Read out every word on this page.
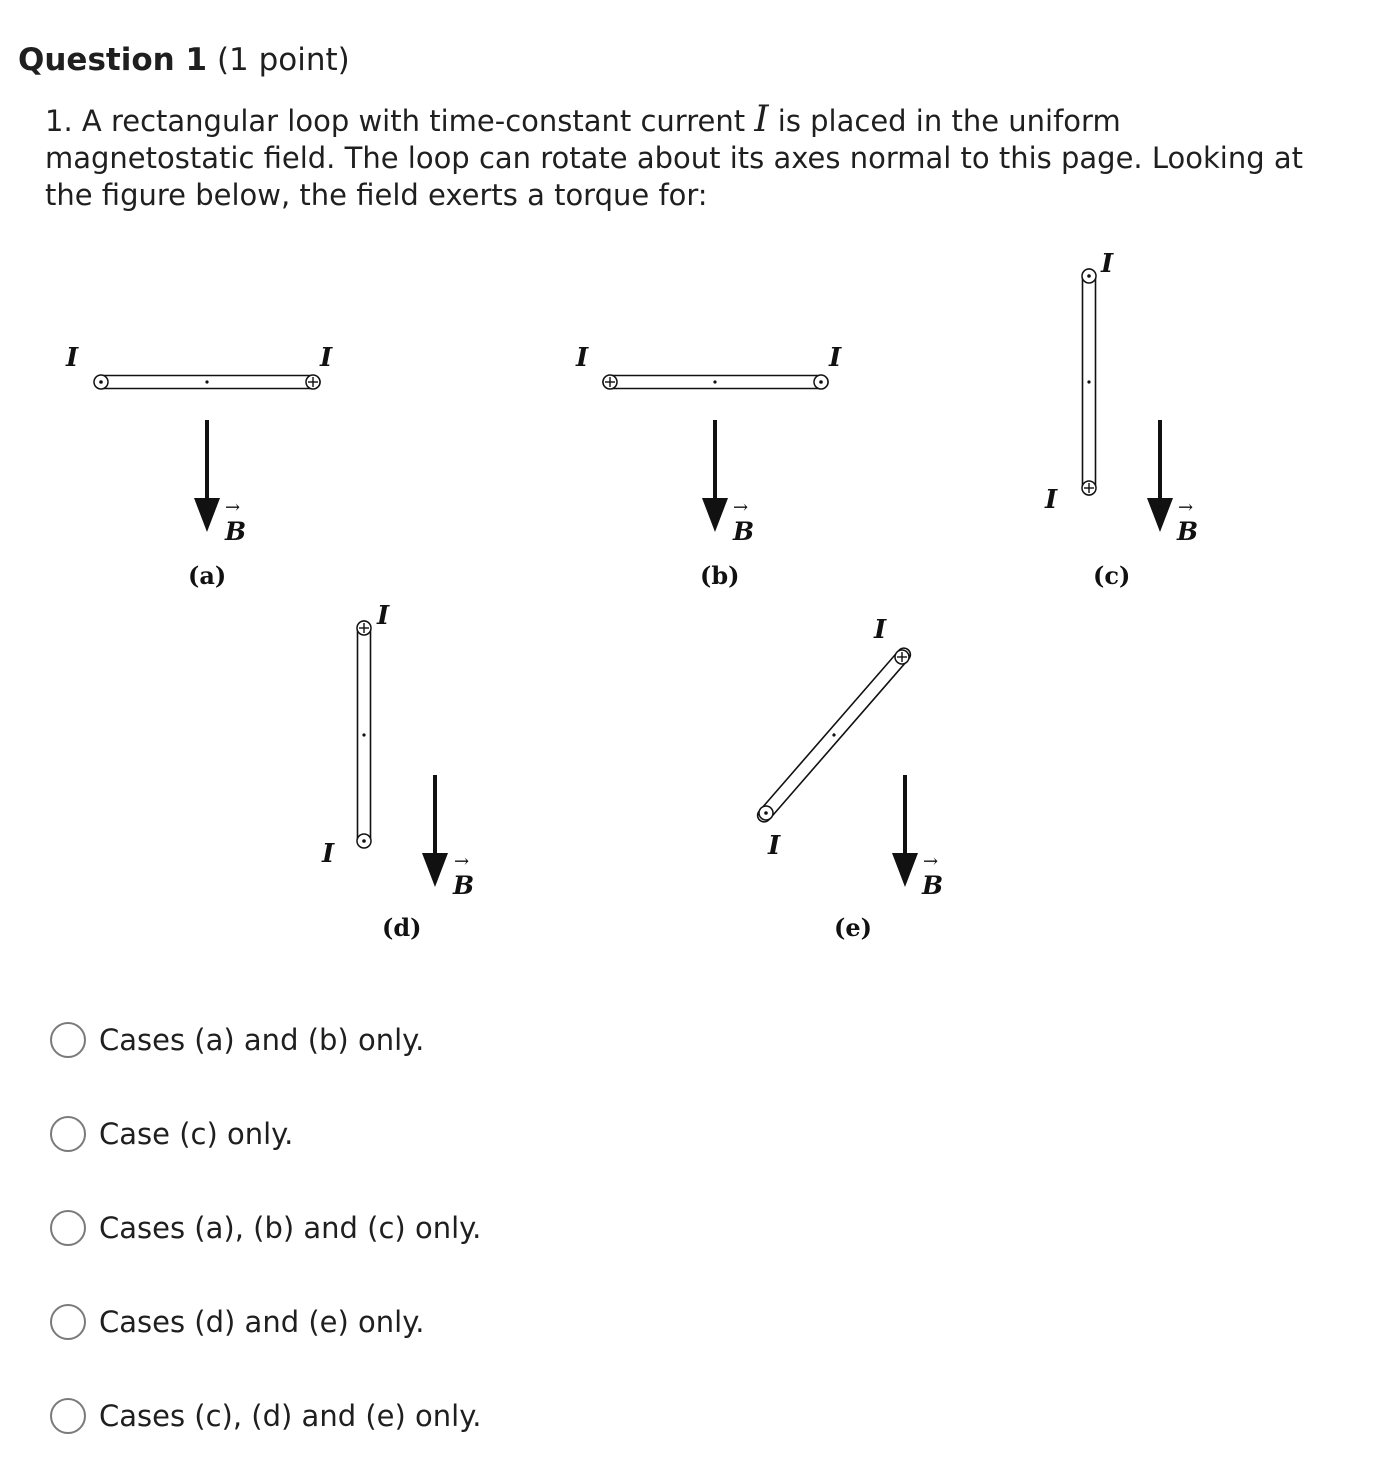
Question 1 (1 point)
1. A rectangular loop with time-constant current I is placed in the uniform magnetostatic field. The loop can rotate about its axes normal to this page. Looking at the figure below, the field exerts a torque for:
I	I
→
B
(a)
I	I
→
B
(b)
I
I	→
B
(c)
I
I	→
B
(d)
I
I
→
B
(e)
Cases (a) and (b) only.
Case (c) only.
Cases (a), (b) and (c) only.
Cases (d) and (e) only.
Cases (c), (d) and (e) only.
